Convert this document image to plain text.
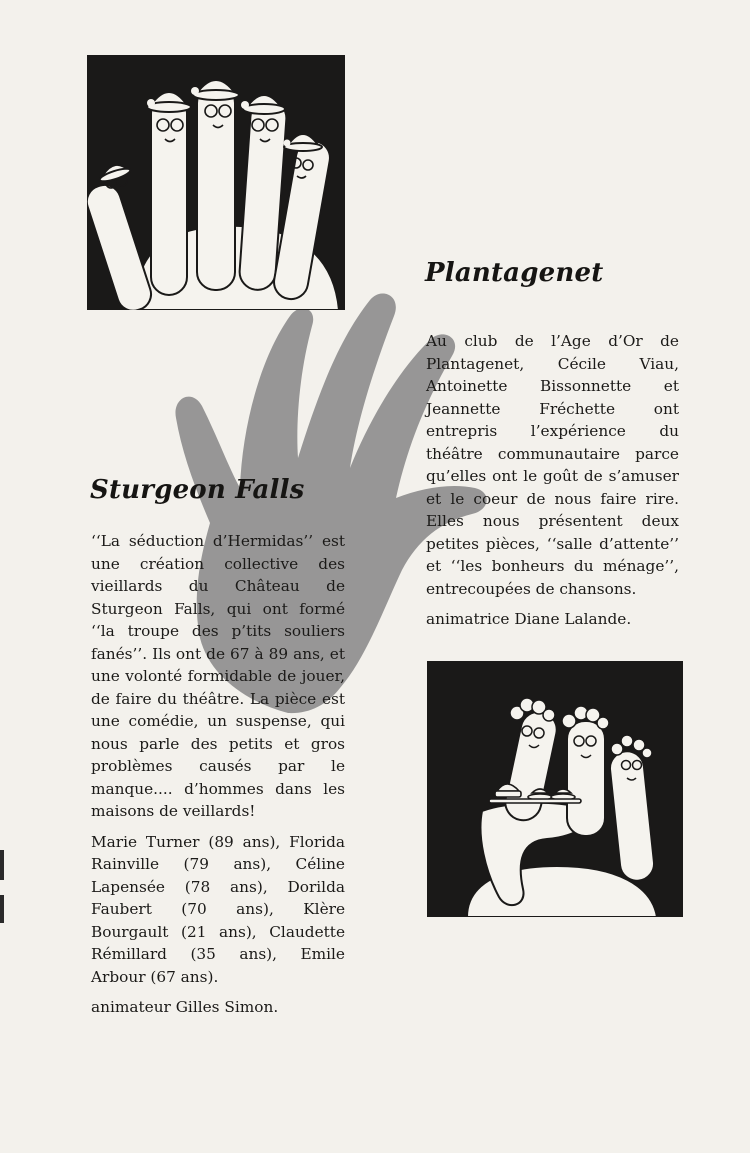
Plantagenet

Au club de l’Age d’Or de Plantagenet, Cécile Viau, Antoinette Bissonnette et Jeannette Fréchette ont entrepris l’expérience du théâtre communautaire parce qu’elles ont le goût de s’amuser et le coeur de nous faire rire. Elles nous présentent deux petites pièces, ‘‘salle d’attente’’ et ‘‘les bonheurs du ménage’’, entrecoupées de chansons.

animatrice Diane Lalande.

Sturgeon Falls

‘‘La séduction d’Hermidas’’ est une création collective des vieillards du Château de Sturgeon Falls, qui ont formé ‘‘la troupe des p’tits souliers fanés’’. Ils ont de 67 à 89 ans, et une volonté formidable de jouer, de faire du théâtre. La pièce est une comédie, un suspense, qui nous parle des petits et gros problèmes causés par le manque.... d’hommes dans les maisons de veillards!

Marie Turner (89 ans), Florida Rainville (79 ans), Céline Lapensée (78 ans), Dorilda Faubert (70 ans), Klère Bourgault (21 ans), Claudette Rémillard (35 ans), Emile Arbour (67 ans).

animateur Gilles Simon.
